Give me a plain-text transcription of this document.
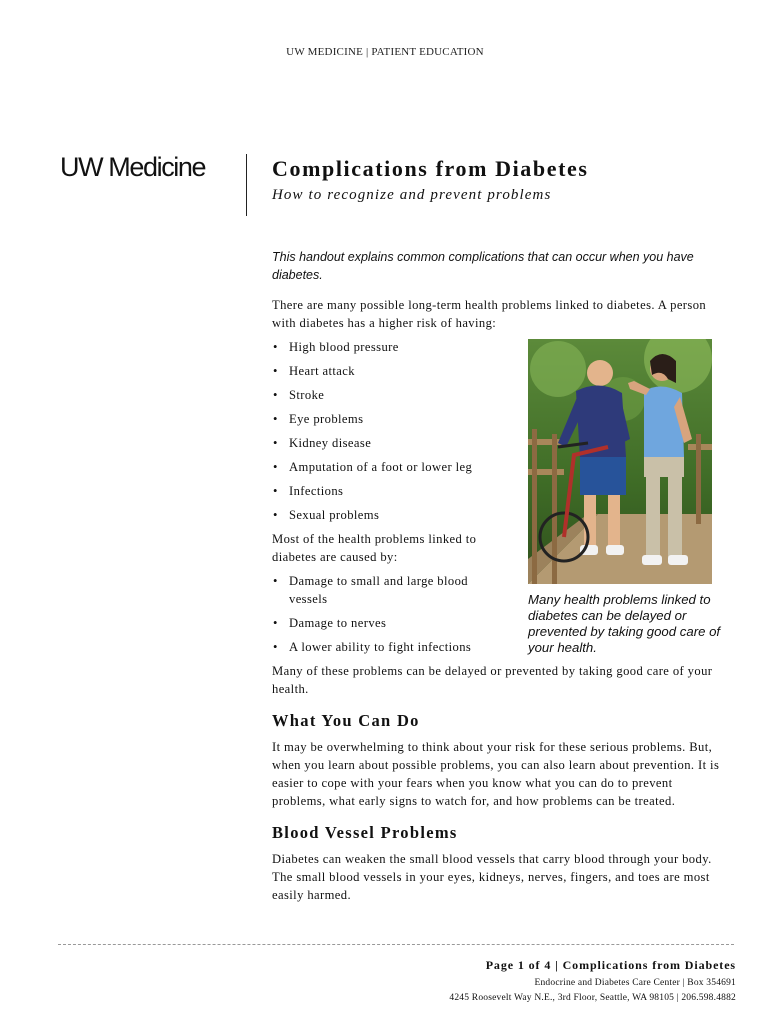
UW MEDICINE | PATIENT EDUCATION
UW Medicine	Complications from Diabetes
How to recognize and prevent problems

This handout explains common complications that can occur when you have diabetes.

There are many possible long-term health problems linked to diabetes. A person with diabetes has a higher risk of having:

• High blood pressure
• Heart attack
• Stroke
• Eye problems
• Kidney disease
• Amputation of a foot or lower leg
• Infections
• Sexual problems

Most of the health problems linked to diabetes are caused by:

• Damage to small and large blood vessels
• Damage to nerves
• A lower ability to fight infections

Many of these problems can be delayed or prevented by taking good care of your health.

What You Can Do

It may be overwhelming to think about your risk for these serious problems. But, when you learn about possible problems, you can also learn about prevention. It is easier to cope with your fears when you know what you can do to prevent problems, what early signs to watch for, and how problems can be treated.

Blood Vessel Problems

Diabetes can weaken the small blood vessels that carry blood through your body. The small blood vessels in your eyes, kidneys, nerves, fingers, and toes are most easily harmed.

Many health problems linked to diabetes can be delayed or prevented by taking good care of your health.
Page 1 of 4 | Complications from Diabetes
Endocrine and Diabetes Care Center | Box 354691
4245 Roosevelt Way N.E., 3rd Floor, Seattle, WA 98105 | 206.598.4882
